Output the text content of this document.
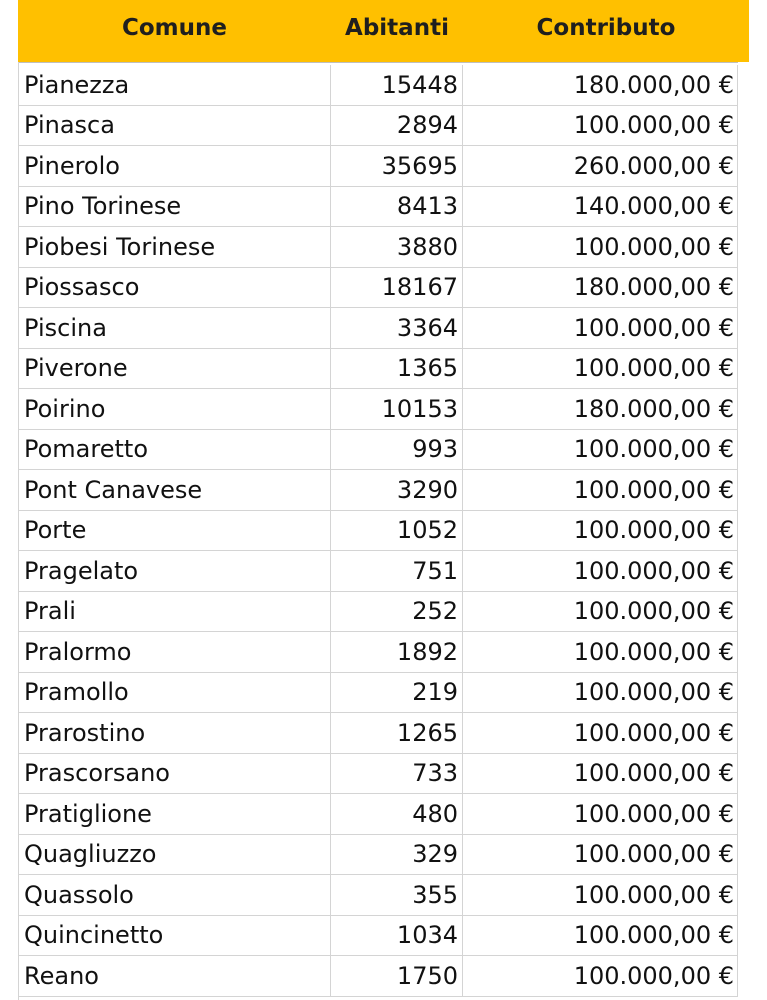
Comune	Abitanti	Contributo
Pianezza	15448	180.000,00 €
Pinasca	2894	100.000,00 €
Pinerolo	35695	260.000,00 €
Pino Torinese	8413	140.000,00 €
Piobesi Torinese	3880	100.000,00 €
Piossasco	18167	180.000,00 €
Piscina	3364	100.000,00 €
Piverone	1365	100.000,00 €
Poirino	10153	180.000,00 €
Pomaretto	993	100.000,00 €
Pont Canavese	3290	100.000,00 €
Porte	1052	100.000,00 €
Pragelato	751	100.000,00 €
Prali	252	100.000,00 €
Pralormo	1892	100.000,00 €
Pramollo	219	100.000,00 €
Prarostino	1265	100.000,00 €
Prascorsano	733	100.000,00 €
Pratiglione	480	100.000,00 €
Quagliuzzo	329	100.000,00 €
Quassolo	355	100.000,00 €
Quincinetto	1034	100.000,00 €
Reano	1750	100.000,00 €
